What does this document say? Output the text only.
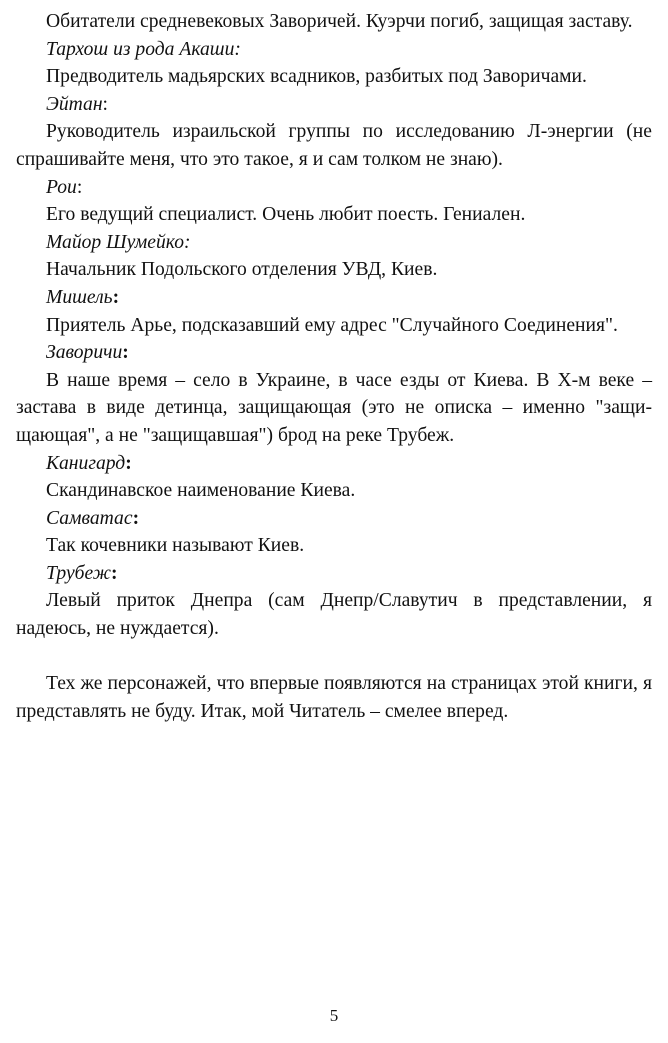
Обитатели средневековых Заворичей. Куэрчи погиб, защищая заставу.

Тархош из рода Акаши:

Предводитель мадьярских всадников, разбитых под Заворичами.

Эйтан:

Руководитель израильской группы по исследованию Л-энергии (не спрашивайте меня, что это такое, я и сам толком не знаю).

Рои:

Его ведущий специалист. Очень любит поесть. Гениален.

Майор Шумейко:

Начальник Подольского отделения УВД, Киев.

Мишель:

Приятель Арье, подсказавший ему адрес "Случайного Соединения".

Заворичи:

В наше время – село в Украине, в часе езды от Киева. В X-м веке – застава в виде детинца, защищающая (это не описка – именно "защищающая", а не "защищавшая") брод на реке Трубеж.

Канигард:

Скандинавское наименование Киева.

Самватас:

Так кочевники называют Киев.

Трубеж:

Левый приток Днепра (сам Днепр/Славутич в представлении, я надеюсь, не нуждается).

Тех же персонажей, что впервые появляются на страницах этой книги, я представлять не буду. Итак, мой Читатель – смелее вперед.

5
